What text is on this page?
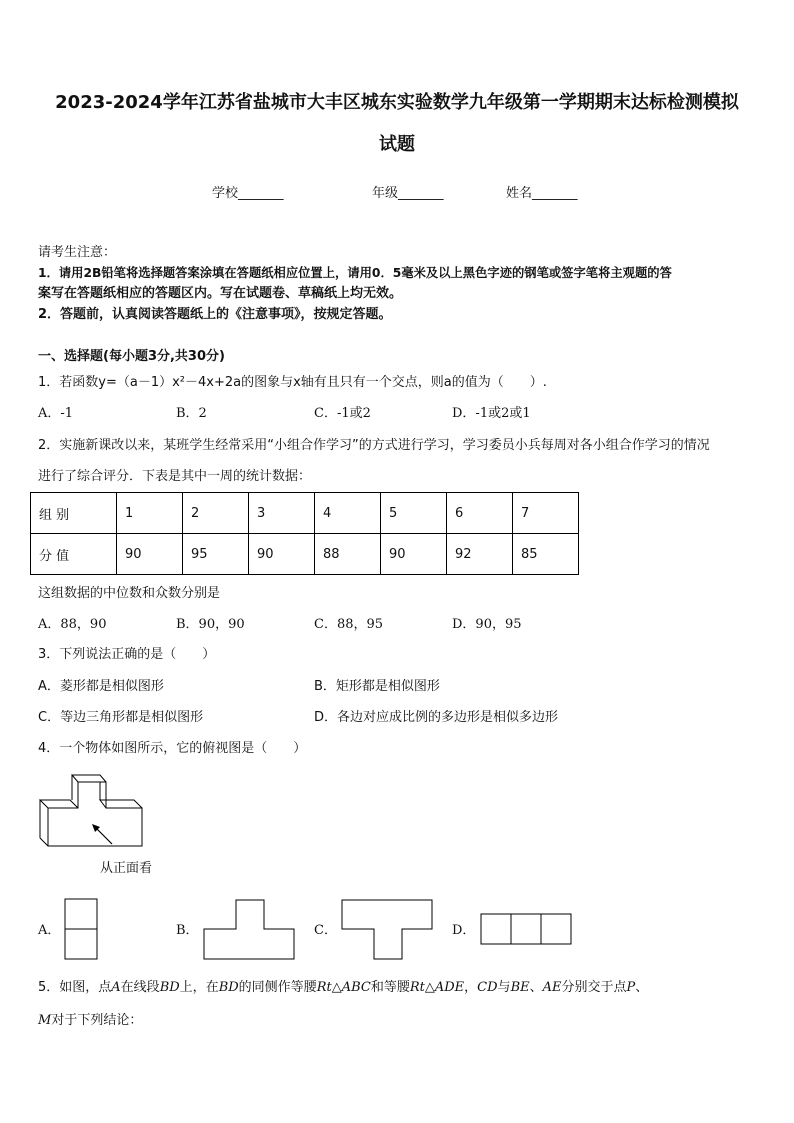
2023-2024学年江苏省盐城市大丰区城东实验数学九年级第一学期期末达标检测模拟
试题
学校_______	年级_______	姓名_______
请考生注意：
1．请用2B铅笔将选择题答案涂填在答题纸相应位置上，请用0．5毫米及以上黑色字迹的钢笔或签字笔将主观题的答
案写在答题纸相应的答题区内。写在试题卷、草稿纸上均无效。
2．答题前，认真阅读答题纸上的《注意事项》，按规定答题。
一、选择题(每小题3分,共30分)
1．若函数y=（a－1）x²－4x+2a的图象与x轴有且只有一个交点，则a的值为（　　）.
A．-1	B．2	C．-1或2	D．-1或2或1
2．实施新课改以来，某班学生经常采用“小组合作学习”的方式进行学习，学习委员小兵每周对各小组合作学习的情况
进行了综合评分．下表是其中一周的统计数据：
组 别	1	2	3	4	5	6	7
分 值	90	95	90	88	90	92	85
这组数据的中位数和众数分别是
A．88，90	B．90，90	C．88，95	D．90，95
3．下列说法正确的是（　　）
A．菱形都是相似图形	B．矩形都是相似图形
C．等边三角形都是相似图形	D．各边对应成比例的多边形是相似多边形
4．一个物体如图所示，它的俯视图是（　　）
从正面看
A．	B．	C．	D．
5．如图，点A在线段BD上，在BD的同侧作等腰Rt△ABC和等腰Rt△ADE，CD与BE、AE分别交于点P、
M对于下列结论：
